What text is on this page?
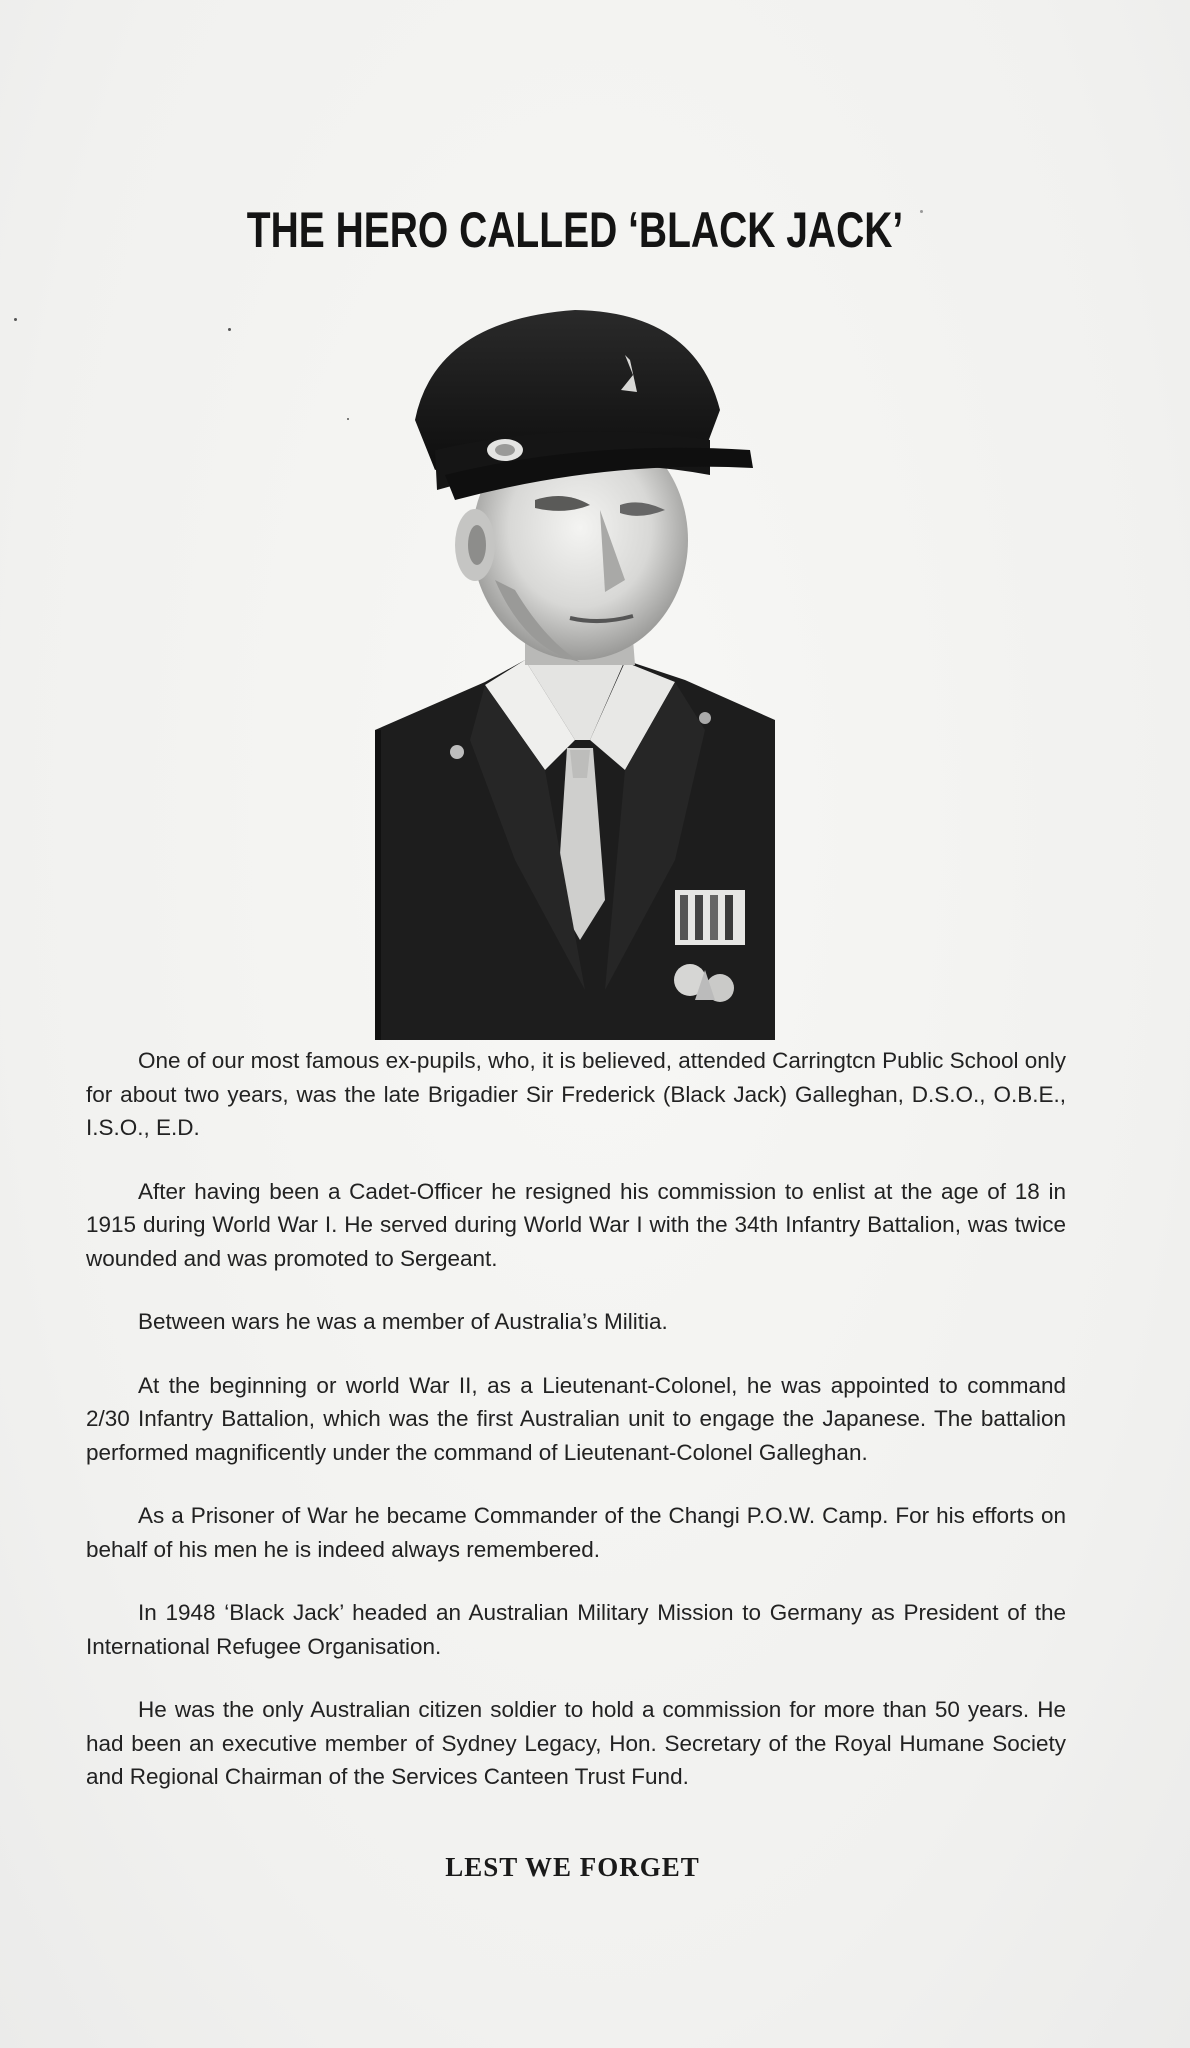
THE HERO CALLED ‘BLACK JACK’

One of our most famous ex-pupils, who, it is believed, attended Carringtcn Public School only for about two years, was the late Brigadier Sir Frederick (Black Jack) Galleghan, D.S.O., O.B.E., I.S.O., E.D.

After having been a Cadet-Officer he resigned his commission to enlist at the age of 18 in 1915 during World War I. He served during World War I with the 34th Infantry Battalion, was twice wounded and was promoted to Sergeant.

Between wars he was a member of Australia’s Militia.

At the beginning or world War II, as a Lieutenant-Colonel, he was appointed to command 2/30 Infantry Battalion, which was the first Australian unit to engage the Japanese. The battalion performed magnificently under the command of Lieutenant-Colonel Galleghan.

As a Prisoner of War he became Commander of the Changi P.O.W. Camp. For his efforts on behalf of his men he is indeed always remembered.

In 1948 ‘Black Jack’ headed an Australian Military Mission to Germany as President of the International Refugee Organisation.

He was the only Australian citizen soldier to hold a commission for more than 50 years. He had been an executive member of Sydney Legacy, Hon. Secretary of the Royal Humane Society and Regional Chairman of the Services Canteen Trust Fund.

LEST WE FORGET
